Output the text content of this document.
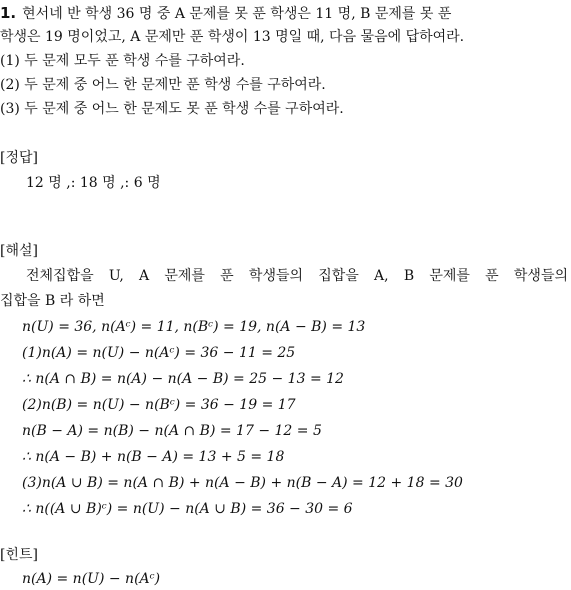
1. 현서네 반 학생 36 명 중 A 문제를 못 푼 학생은 11 명, B 문제를 못 푼
학생은 19 명이었고, A 문제만 푼 학생이 13 명일 때, 다음 물음에 답하여라.
(1) 두 문제 모두 푼 학생 수를 구하여라.
(2) 두 문제 중 어느 한 문제만 푼 학생 수를 구하여라.
(3) 두 문제 중 어느 한 문제도 못 푼 학생 수를 구하여라.
[정답]
12 명 ,: 18 명 ,: 6 명
[해설]
전체집합을 U, A 문제를 푼 학생들의 집합을 A, B 문제를 푼 학생들의
집합을 B 라 하면
n(U) = 36, n(Aᶜ) = 11, n(Bᶜ) = 19, n(A − B) = 13
(1)n(A) = n(U) − n(Aᶜ) = 36 − 11 = 25
∴ n(A ∩ B) = n(A) − n(A − B) = 25 − 13 = 12
(2)n(B) = n(U) − n(Bᶜ) = 36 − 19 = 17
n(B − A) = n(B) − n(A ∩ B) = 17 − 12 = 5
∴ n(A − B) + n(B − A) = 13 + 5 = 18
(3)n(A ∪ B) = n(A ∩ B) + n(A − B) + n(B − A) = 12 + 18 = 30
∴ n((A ∪ B)ᶜ) = n(U) − n(A ∪ B) = 36 − 30 = 6
[힌트]
n(A) = n(U) − n(Aᶜ)
